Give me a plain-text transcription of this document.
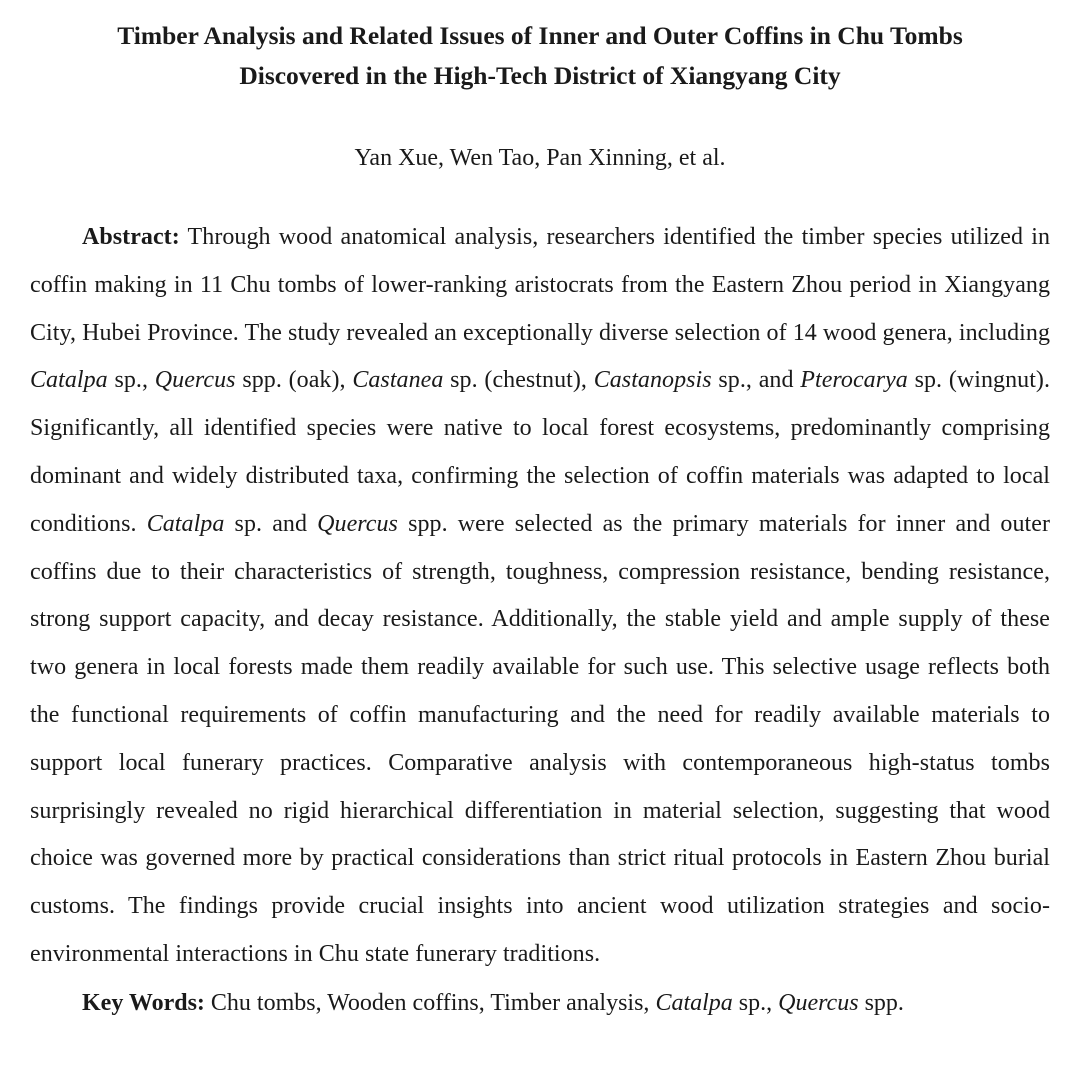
Timber Analysis and Related Issues of Inner and Outer Coffins in Chu Tombs
Discovered in the High-Tech District of Xiangyang City

Yan Xue, Wen Tao, Pan Xinning, et al.

Abstract: Through wood anatomical analysis, researchers identified the timber species utilized in coffin making in 11 Chu tombs of lower-ranking aristocrats from the Eastern Zhou period in Xiangyang City, Hubei Province. The study revealed an exceptionally diverse selection of 14 wood genera, including Catalpa sp., Quercus spp. (oak), Castanea sp. (chestnut), Castanopsis sp., and Pterocarya sp. (wingnut). Significantly, all identified species were native to local forest ecosystems, predominantly comprising dominant and widely distributed taxa, confirming the selection of coffin materials was adapted to local conditions. Catalpa sp. and Quercus spp. were selected as the primary materials for inner and outer coffins due to their characteristics of strength, toughness, compression resistance, bending resistance, strong support capacity, and decay resistance. Additionally, the stable yield and ample supply of these two genera in local forests made them readily available for such use. This selective usage reflects both the functional requirements of coffin manufacturing and the need for readily available materials to support local funerary practices. Comparative analysis with contemporaneous high-status tombs surprisingly revealed no rigid hierarchical differentiation in material selection, suggesting that wood choice was governed more by practical considerations than strict ritual protocols in Eastern Zhou burial customs. The findings provide crucial insights into ancient wood utilization strategies and socio-environmental interactions in Chu state funerary traditions.

Key Words: Chu tombs, Wooden coffins, Timber analysis, Catalpa sp., Quercus spp.
